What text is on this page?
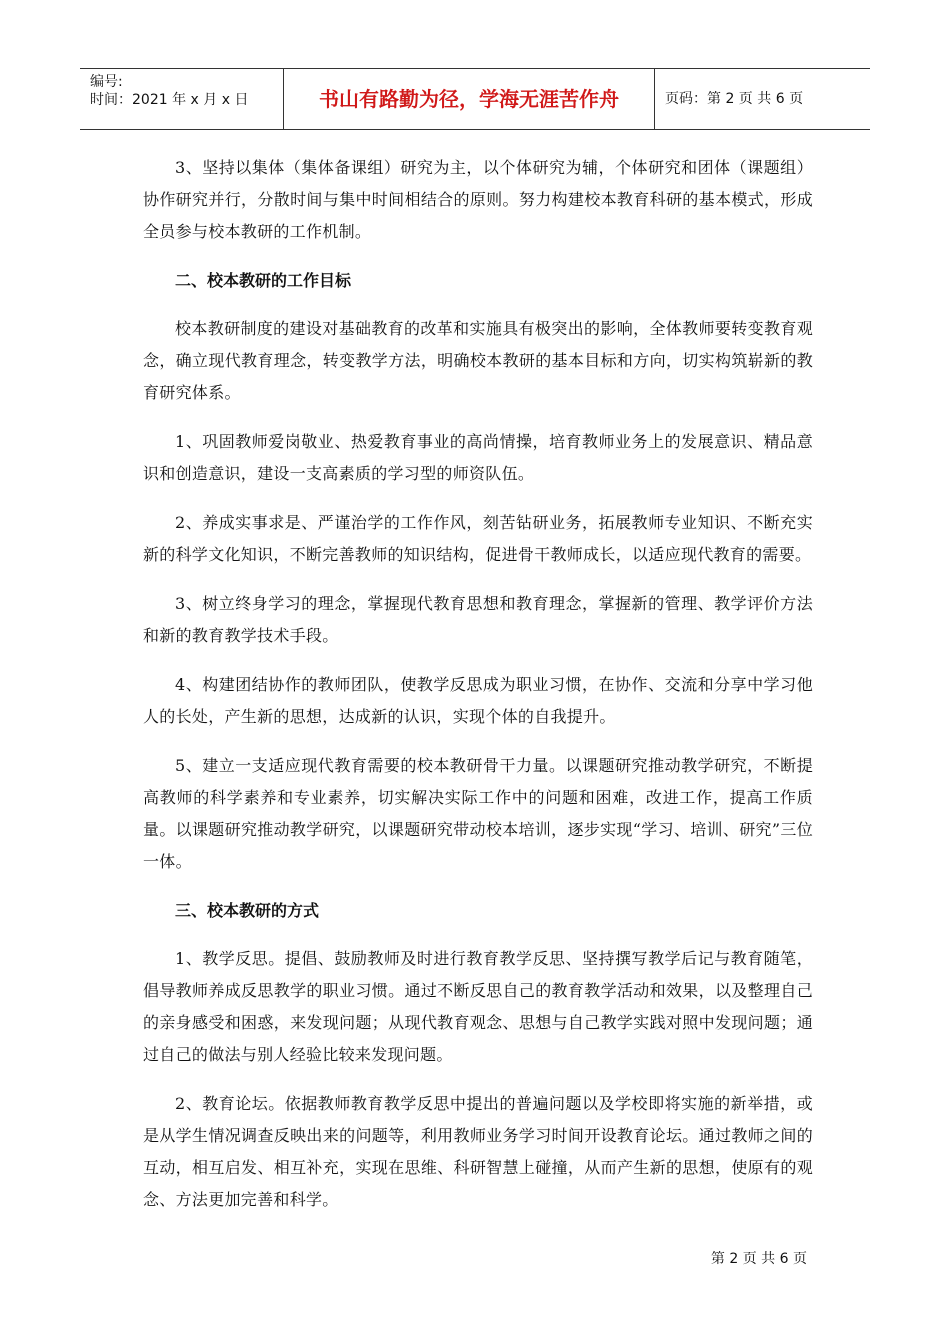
编号:
时间：2021 年 x 月 x 日	书山有路勤为径，学海无涯苦作舟	页码：第 2 页 共 6 页

3、坚持以集体（集体备课组）研究为主，以个体研究为辅，个体研究和团体（课题组）协作研究并行，分散时间与集中时间相结合的原则。努力构建校本教育科研的基本模式，形成全员参与校本教研的工作机制。

二、校本教研的工作目标

校本教研制度的建设对基础教育的改革和实施具有极突出的影响，全体教师要转变教育观念，确立现代教育理念，转变教学方法，明确校本教研的基本目标和方向，切实构筑崭新的教育研究体系。

1、巩固教师爱岗敬业、热爱教育事业的高尚情操，培育教师业务上的发展意识、精品意识和创造意识，建设一支高素质的学习型的师资队伍。

2、养成实事求是、严谨治学的工作作风，刻苦钻研业务，拓展教师专业知识、不断充实新的科学文化知识，不断完善教师的知识结构，促进骨干教师成长，以适应现代教育的需要。

3、树立终身学习的理念，掌握现代教育思想和教育理念，掌握新的管理、教学评价方法和新的教育教学技术手段。

4、构建团结协作的教师团队，使教学反思成为职业习惯，在协作、交流和分享中学习他人的长处，产生新的思想，达成新的认识，实现个体的自我提升。

5、建立一支适应现代教育需要的校本教研骨干力量。以课题研究推动教学研究，不断提高教师的科学素养和专业素养，切实解决实际工作中的问题和困难，改进工作，提高工作质量。以课题研究推动教学研究，以课题研究带动校本培训，逐步实现“学习、培训、研究”三位一体。

三、校本教研的方式

1、教学反思。提倡、鼓励教师及时进行教育教学反思、坚持撰写教学后记与教育随笔，倡导教师养成反思教学的职业习惯。通过不断反思自己的教育教学活动和效果，以及整理自己的亲身感受和困惑，来发现问题；从现代教育观念、思想与自己教学实践对照中发现问题；通过自己的做法与别人经验比较来发现问题。

2、教育论坛。依据教师教育教学反思中提出的普遍问题以及学校即将实施的新举措，或是从学生情况调查反映出来的问题等，利用教师业务学习时间开设教育论坛。通过教师之间的互动，相互启发、相互补充，实现在思维、科研智慧上碰撞，从而产生新的思想，使原有的观念、方法更加完善和科学。

第 2 页 共 6 页
